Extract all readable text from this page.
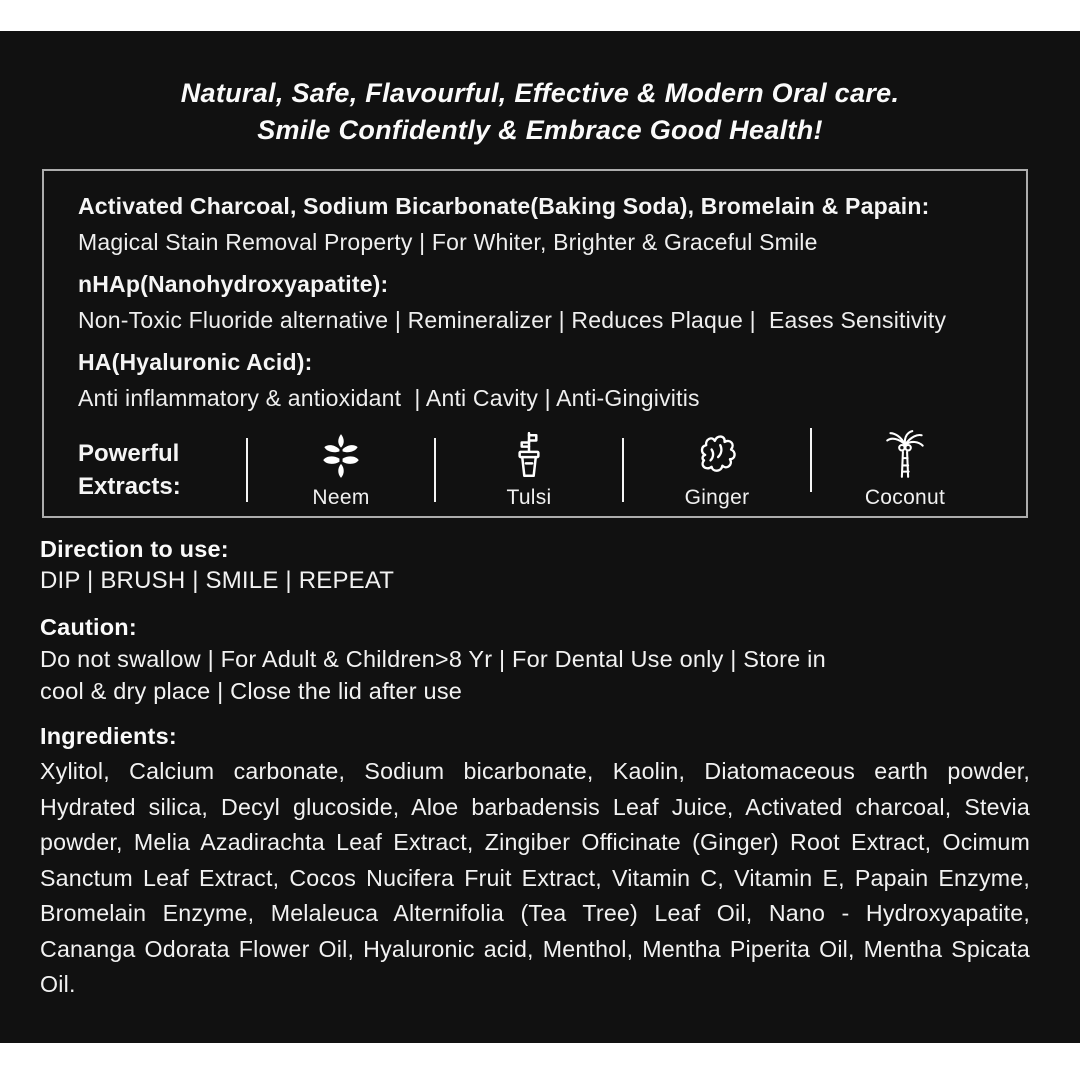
Natural, Safe, Flavourful, Effective & Modern Oral care.
Smile Confidently & Embrace Good Health!

Activated Charcoal, Sodium Bicarbonate(Baking Soda), Bromelain & Papain:

Magical Stain Removal Property | For Whiter, Brighter & Graceful Smile

nHAp(Nanohydroxyapatite):

Non-Toxic Fluoride alternative | Remineralizer | Reduces Plaque |  Eases Sensitivity

HA(Hyaluronic Acid):

Anti inflammatory & antioxidant  | Anti Cavity | Anti-Gingivitis

Powerful
Extracts:	Neem	Tulsi	Ginger	Coconut
Direction to use:
DIP | BRUSH | SMILE | REPEAT
Caution:
Do not swallow | For Adult & Children>8 Yr | For Dental Use only | Store in
cool & dry place | Close the lid after use
Ingredients:
Xylitol, Calcium carbonate, Sodium bicarbonate, Kaolin, Diatomaceous earth powder, Hydrated silica, Decyl glucoside, Aloe barbadensis Leaf Juice, Activated charcoal, Stevia powder, Melia Azadirachta Leaf Extract, Zingiber Officinate (Ginger) Root Extract, Ocimum Sanctum Leaf Extract, Cocos Nucifera Fruit Extract, Vitamin C, Vitamin E, Papain Enzyme, Bromelain Enzyme, Melaleuca Alternifolia (Tea Tree) Leaf Oil, Nano - Hydroxyapatite, Cananga Odorata Flower Oil, Hyaluronic acid, Menthol, Mentha Piperita Oil, Mentha Spicata Oil.
